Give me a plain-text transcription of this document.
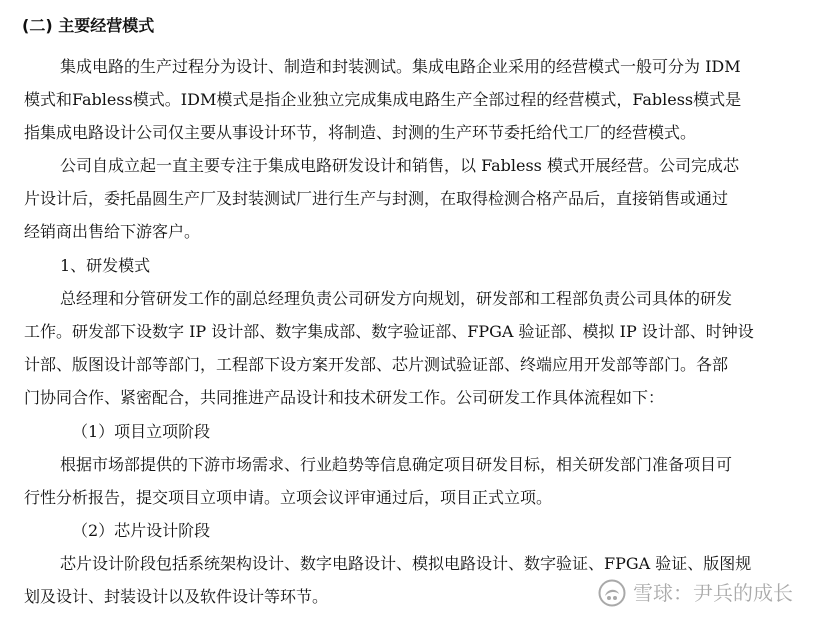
(二) 主要经营模式
集成电路的生产过程分为设计、制造和封装测试。集成电路企业采用的经营模式一般可分为 IDM
模式和Fabless模式。IDM模式是指企业独立完成集成电路生产全部过程的经营模式，Fabless模式是
指集成电路设计公司仅主要从事设计环节，将制造、封测的生产环节委托给代工厂的经营模式。
公司自成立起一直主要专注于集成电路研发设计和销售，以 Fabless 模式开展经营。公司完成芯
片设计后，委托晶圆生产厂及封装测试厂进行生产与封测，在取得检测合格产品后，直接销售或通过
经销商出售给下游客户。
1、研发模式
总经理和分管研发工作的副总经理负责公司研发方向规划，研发部和工程部负责公司具体的研发
工作。研发部下设数字 IP 设计部、数字集成部、数字验证部、FPGA 验证部、模拟 IP 设计部、时钟设
计部、版图设计部等部门，工程部下设方案开发部、芯片测试验证部、终端应用开发部等部门。各部
门协同合作、紧密配合，共同推进产品设计和技术研发工作。公司研发工作具体流程如下：
（1）项目立项阶段
根据市场部提供的下游市场需求、行业趋势等信息确定项目研发目标，相关研发部门准备项目可
行性分析报告，提交项目立项申请。立项会议评审通过后，项目正式立项。
（2）芯片设计阶段
芯片设计阶段包括系统架构设计、数字电路设计、模拟电路设计、数字验证、FPGA 验证、版图规
划及设计、封装设计以及软件设计等环节。	雪球：尹兵的成长
